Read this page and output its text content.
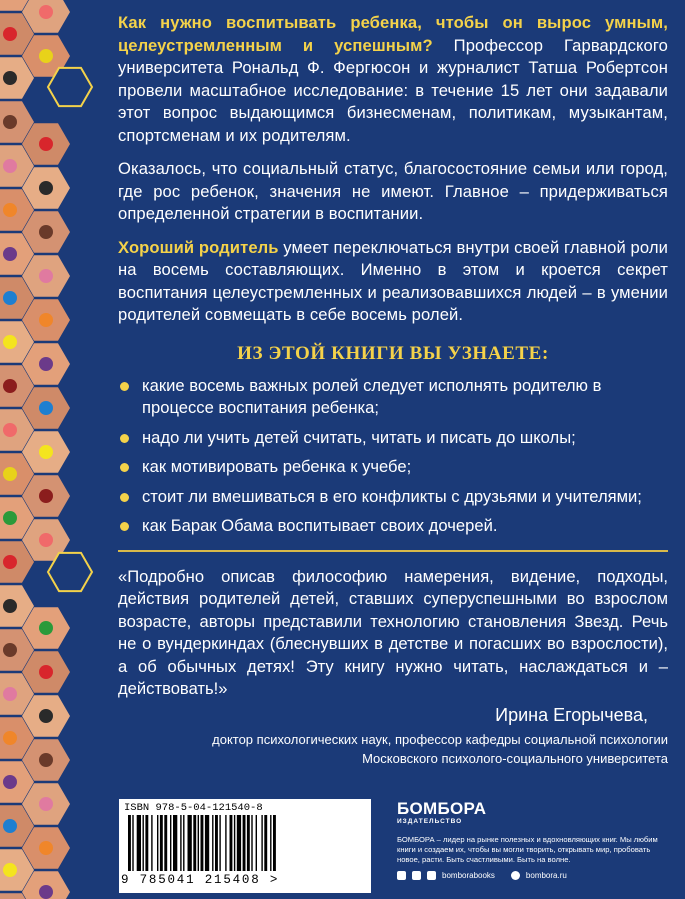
Как нужно воспитывать ребенка, чтобы он вырос умным, целеустремленным и успешным? Профессор Гарвардского университета Рональд Ф. Фергюсон и журналист Татша Робертсон провели масштабное исследование: в течение 15 лет они задавали этот вопрос выдающимся бизнесменам, политикам, музыкантам, спортсменам и их родителям.

Оказалось, что социальный статус, благосостояние семьи или город, где рос ребенок, значения не имеют. Главное – придерживаться определенной стратегии в воспитании.

Хороший родитель умеет переключаться внутри своей главной роли на восемь составляющих. Именно в этом и кроется секрет воспитания целеустремленных и реализовавшихся людей – в умении родителей совмещать в себе восемь ролей.

ИЗ ЭТОЙ КНИГИ ВЫ УЗНАЕТЕ:
какие восемь важных ролей следует исполнять родителю в процессе воспитания ребенка;
надо ли учить детей считать, читать и писать до школы;
как мотивировать ребенка к учебе;
стоит ли вмешиваться в его конфликты с друзьями и учителями;
как Барак Обама воспитывает своих дочерей.

«Подробно описав философию намерения, видение, подходы, действия родителей детей, ставших суперуспешными во взрослом возрасте, авторы представили технологию становления Звезд. Речь не о вундеркиндах (блеснувших в детстве и погасших во взрослости), а об обычных детях! Эту книгу нужно читать, наслаждаться и – действовать!»

Ирина Егорычева,

доктор психологических наук, профессор кафедры социальной психологии

Московского психолого-социального университета

ISBN 978-5-04-121540-8
9 785041 215408 >
БОМБОРА
ИЗДАТЕЛЬСТВО
БОМБОРА – лидер на рынке полезных и вдохновляющих книг. Мы любим книги и создаем их, чтобы вы могли творить, открывать мир, пробовать новое, расти. Быть счастливыми. Быть на волне.
bomborabooks	bombora.ru
